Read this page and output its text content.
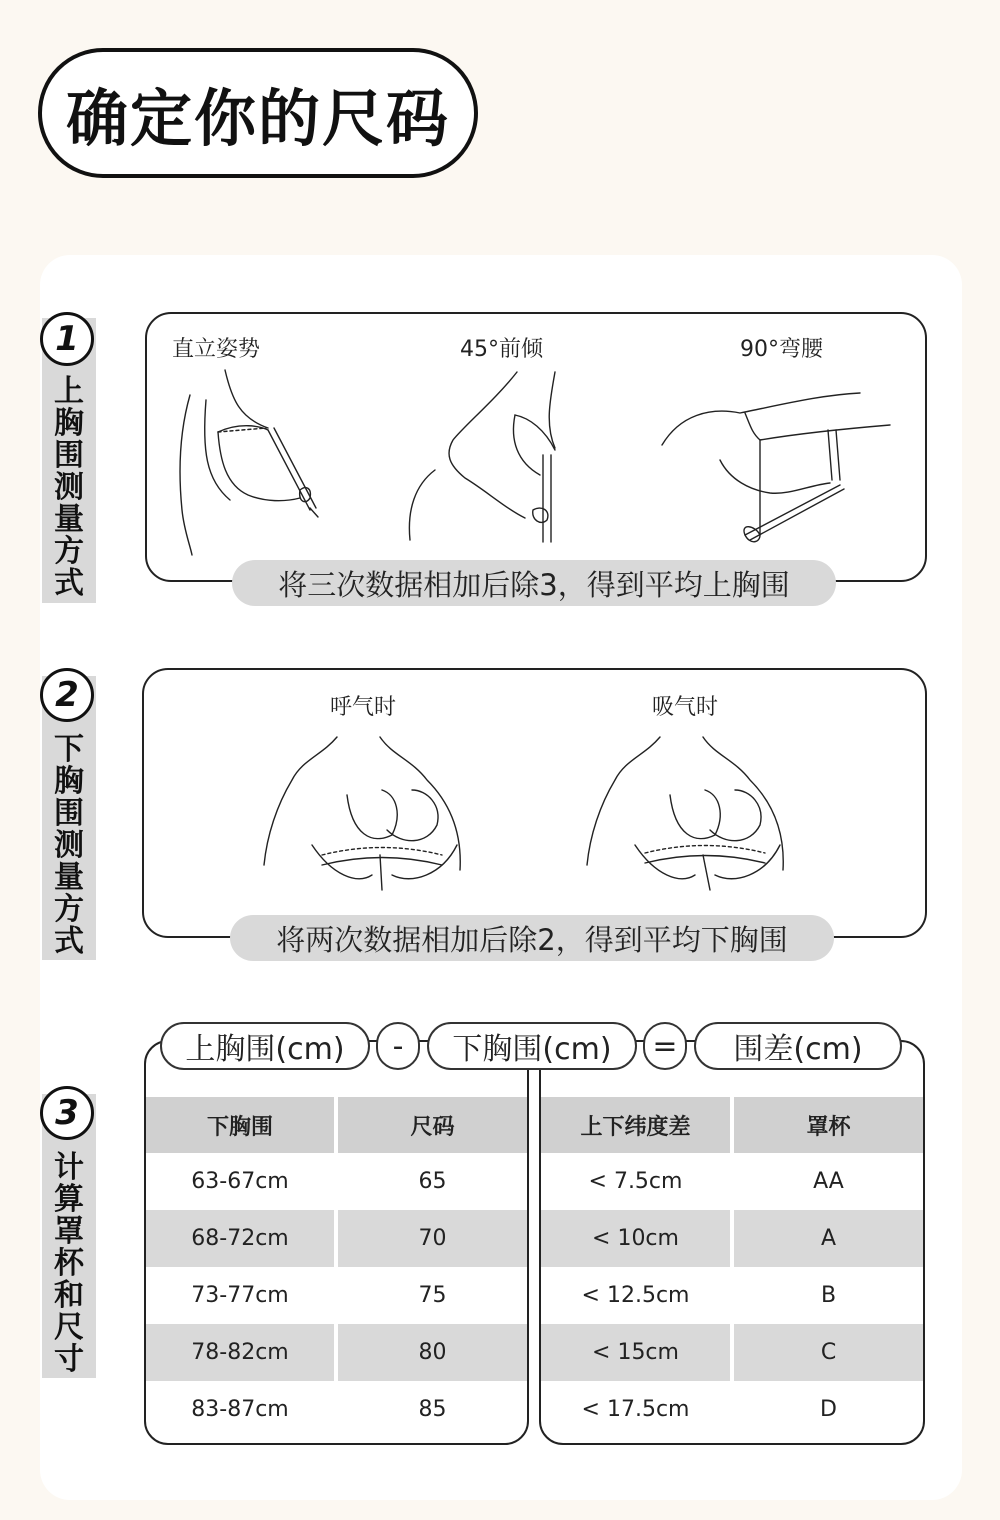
确定你的尺码
1
上胸围测量方式
直立姿势	45°前倾	90°弯腰
将三次数据相加后除3，得到平均上胸围
2
下胸围测量方式
呼气时	吸气时
将两次数据相加后除2，得到平均下胸围
3
计算罩杯和尺寸
上胸围(cm)	-	下胸围(cm)	=	围差(cm)
下胸围	尺码
63-67cm	65
68-72cm	70
73-77cm	75
78-82cm	80
83-87cm	85
上下纬度差	罩杯
< 7.5cm	AA
< 10cm	A
< 12.5cm	B
< 15cm	C
< 17.5cm	D
